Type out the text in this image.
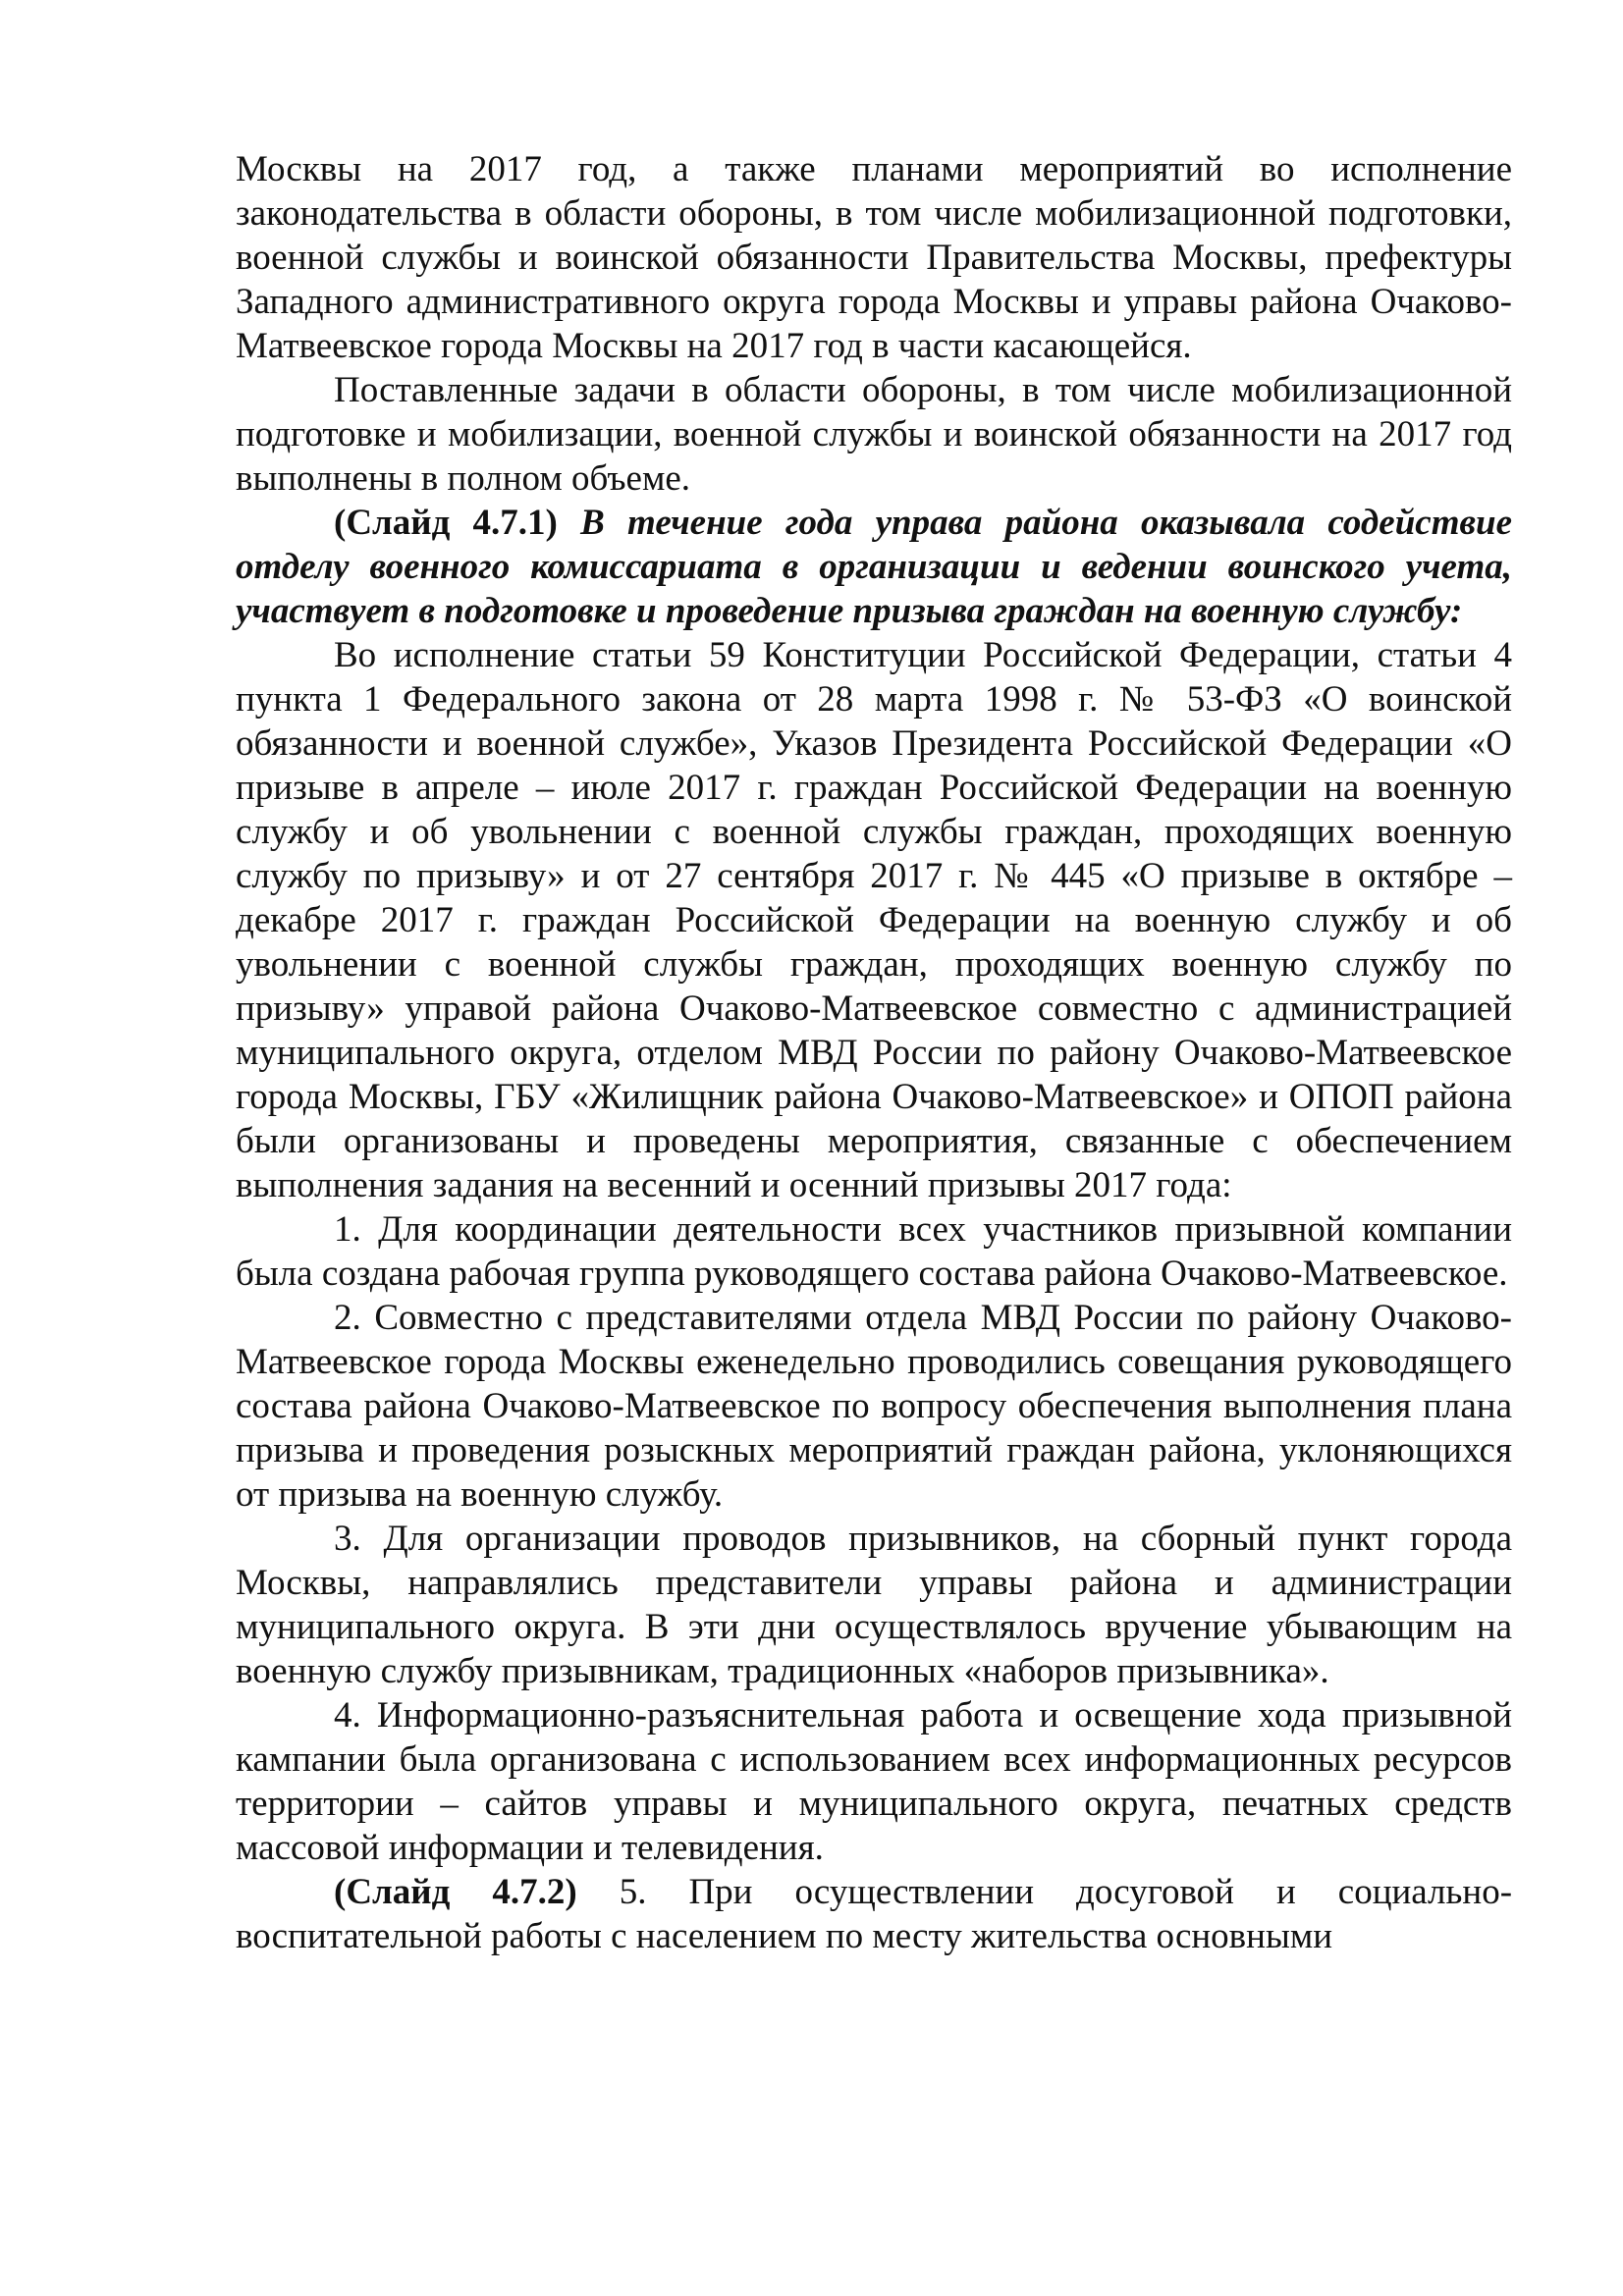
Москвы на 2017 год, а также планами мероприятий во исполнение законодательства в области обороны, в том числе мобилизационной подготовки, военной службы и воинской обязанности Правительства Москвы, префектуры Западного административного округа города Москвы и управы района Очаково-Матвеевское города Москвы на 2017 год в части касающейся.

Поставленные задачи в области обороны, в том числе мобилизационной подготовке и мобилизации, военной службы и воинской обязанности на 2017 год выполнены в полном объеме.

(Слайд 4.7.1) В течение года управа района оказывала содействие отделу военного комиссариата в организации и ведении воинского учета, участвует в подготовке и проведение призыва граждан на военную службу:

Во исполнение статьи 59 Конституции Российской Федерации, статьи 4 пункта 1 Федерального закона от 28 марта 1998 г. № 53-ФЗ «О воинской обязанности и военной службе», Указов Президента Российской Федерации «О призыве в апреле – июле 2017 г. граждан Российской Федерации на военную службу и об увольнении с военной службы граждан, проходящих военную службу по призыву» и от 27 сентября 2017 г. № 445 «О призыве в октябре – декабре 2017 г. граждан Российской Федерации на военную службу и об увольнении с военной службы граждан, проходящих военную службу по призыву» управой района Очаково-Матвеевское совместно с администрацией муниципального округа, отделом МВД России по району Очаково-Матвеевское города Москвы, ГБУ «Жилищник района Очаково-Матвеевское» и ОПОП района были организованы и проведены мероприятия, связанные с обеспечением выполнения задания на весенний и осенний призывы 2017 года:

1. Для координации деятельности всех участников призывной компании была создана рабочая группа руководящего состава района Очаково-Матвеевское.

2. Совместно с представителями отдела МВД России по району Очаково-Матвеевское города Москвы еженедельно проводились совещания руководящего состава района Очаково-Матвеевское по вопросу обеспечения выполнения плана призыва и проведения розыскных мероприятий граждан района, уклоняющихся от призыва на военную службу.

3. Для организации проводов призывников, на сборный пункт города Москвы, направлялись представители управы района и администрации муниципального округа. В эти дни осуществлялось вручение убывающим на военную службу призывникам, традиционных «наборов призывника».

4. Информационно-разъяснительная работа и освещение хода призывной кампании была организована с использованием всех информационных ресурсов территории – сайтов управы и муниципального округа, печатных средств массовой информации и телевидения.

(Слайд 4.7.2) 5. При осуществлении досуговой и социально-воспитательной работы с населением по месту жительства основными
